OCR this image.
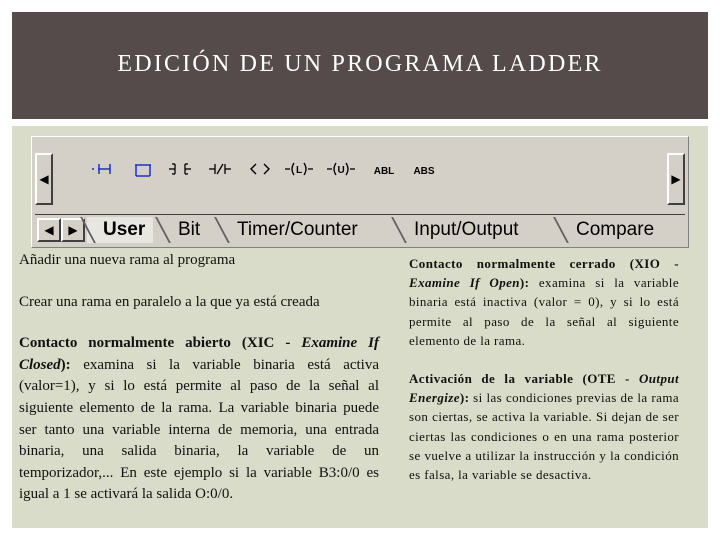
EDICIÓN DE UN PROGRAMA LADDER
◀	▶
L	U	ABL	ABS
◀ ▶	User	Bit	Timer/Counter	Input/Output	Compare

Añadir una nueva rama al programa

Crear una rama en paralelo a la que ya está creada

Contacto normalmente abierto (XIC - Examine If Closed): examina si la variable binaria está activa (valor=1), y si lo está permite al paso de la señal al siguiente elemento de la rama. La variable binaria puede ser tanto una variable interna de memoria, una entrada binaria, una salida binaria, la variable de un temporizador,... En este ejemplo si la variable B3:0/0 es igual a 1 se activará la salida O:0/0.

Contacto normalmente cerrado (XIO - Examine If Open): examina si la variable binaria está inactiva (valor = 0), y si lo está permite al paso de la señal al siguiente elemento de la rama.

Activación de la variable (OTE - Output Energize): si las condiciones previas de la rama son ciertas, se activa la variable. Si dejan de ser ciertas las condiciones o en una rama posterior se vuelve a utilizar la instrucción y la condición es falsa, la variable se desactiva.
